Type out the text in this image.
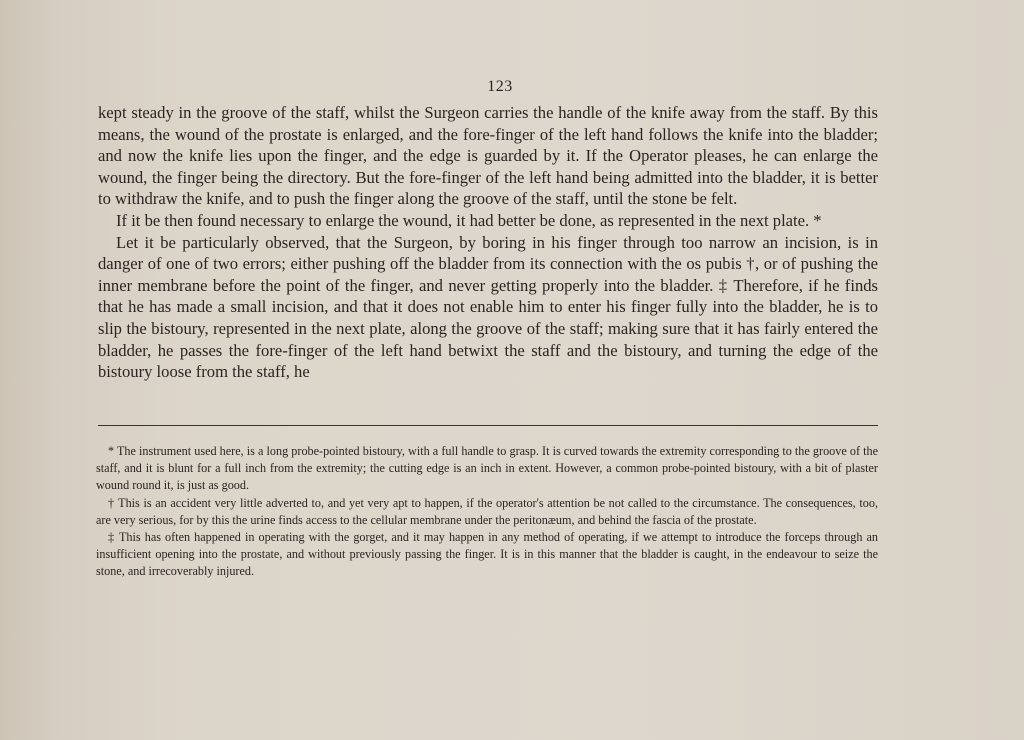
123

kept steady in the groove of the staff, whilst the Surgeon carries the handle of the knife away from the staff. By this means, the wound of the prostate is enlarged, and the fore-finger of the left hand follows the knife into the bladder; and now the knife lies upon the finger, and the edge is guarded by it. If the Operator pleases, he can enlarge the wound, the finger being the directory. But the fore-finger of the left hand being admitted into the bladder, it is better to withdraw the knife, and to push the finger along the groove of the staff, until the stone be felt.

If it be then found necessary to enlarge the wound, it had better be done, as represented in the next plate. *

Let it be particularly observed, that the Surgeon, by boring in his finger through too narrow an incision, is in danger of one of two errors; either pushing off the bladder from its connection with the os pubis †, or of pushing the inner membrane before the point of the finger, and never getting properly into the bladder. ‡ Therefore, if he finds that he has made a small incision, and that it does not enable him to enter his finger fully into the bladder, he is to slip the bistoury, represented in the next plate, along the groove of the staff; making sure that it has fairly entered the bladder, he passes the fore-finger of the left hand betwixt the staff and the bistoury, and turning the edge of the bistoury loose from the staff, he

* The instrument used here, is a long probe-pointed bistoury, with a full handle to grasp. It is curved towards the extremity corresponding to the groove of the staff, and it is blunt for a full inch from the extremity; the cutting edge is an inch in extent. However, a common probe-pointed bistoury, with a bit of plaster wound round it, is just as good.

† This is an accident very little adverted to, and yet very apt to happen, if the operator's attention be not called to the circumstance. The consequences, too, are very serious, for by this the urine finds access to the cellular membrane under the peritonæum, and behind the fascia of the prostate.

‡ This has often happened in operating with the gorget, and it may happen in any method of operating, if we attempt to introduce the forceps through an insufficient opening into the prostate, and without previously passing the finger. It is in this manner that the bladder is caught, in the endeavour to seize the stone, and irrecoverably injured.
